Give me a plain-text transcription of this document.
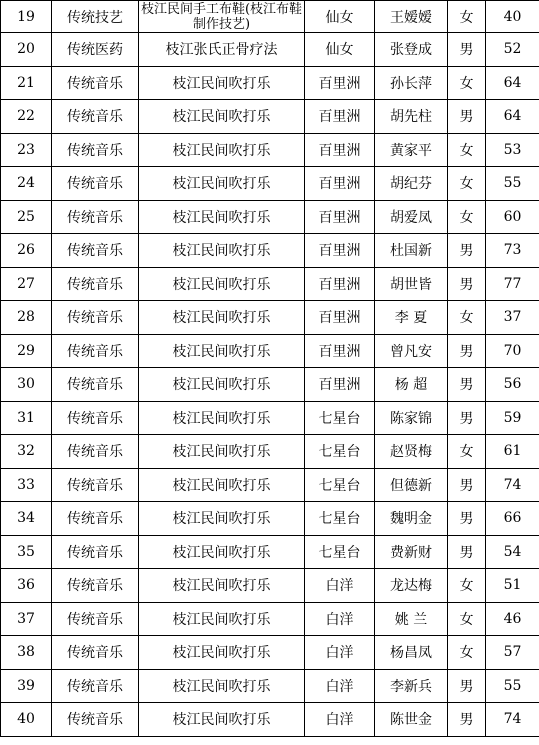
19	传统技艺	枝江民间手工布鞋(枝江布鞋制作技艺)	仙女	王嫒嫒	女	40
20	传统医药	枝江张氏正骨疗法	仙女	张登成	男	52
21	传统音乐	枝江民间吹打乐	百里洲	孙长萍	女	64
22	传统音乐	枝江民间吹打乐	百里洲	胡先柱	男	64
23	传统音乐	枝江民间吹打乐	百里洲	黄家平	女	53
24	传统音乐	枝江民间吹打乐	百里洲	胡纪芬	女	55
25	传统音乐	枝江民间吹打乐	百里洲	胡爱凤	女	60
26	传统音乐	枝江民间吹打乐	百里洲	杜国新	男	73
27	传统音乐	枝江民间吹打乐	百里洲	胡世皆	男	77
28	传统音乐	枝江民间吹打乐	百里洲	李 夏	女	37
29	传统音乐	枝江民间吹打乐	百里洲	曾凡安	男	70
30	传统音乐	枝江民间吹打乐	百里洲	杨 超	男	56
31	传统音乐	枝江民间吹打乐	七星台	陈家锦	男	59
32	传统音乐	枝江民间吹打乐	七星台	赵贤梅	女	61
33	传统音乐	枝江民间吹打乐	七星台	但德新	男	74
34	传统音乐	枝江民间吹打乐	七星台	魏明金	男	66
35	传统音乐	枝江民间吹打乐	七星台	费新财	男	54
36	传统音乐	枝江民间吹打乐	白洋	龙达梅	女	51
37	传统音乐	枝江民间吹打乐	白洋	姚 兰	女	46
38	传统音乐	枝江民间吹打乐	白洋	杨昌凤	女	57
39	传统音乐	枝江民间吹打乐	白洋	李新兵	男	55
40	传统音乐	枝江民间吹打乐	白洋	陈世金	男	74
